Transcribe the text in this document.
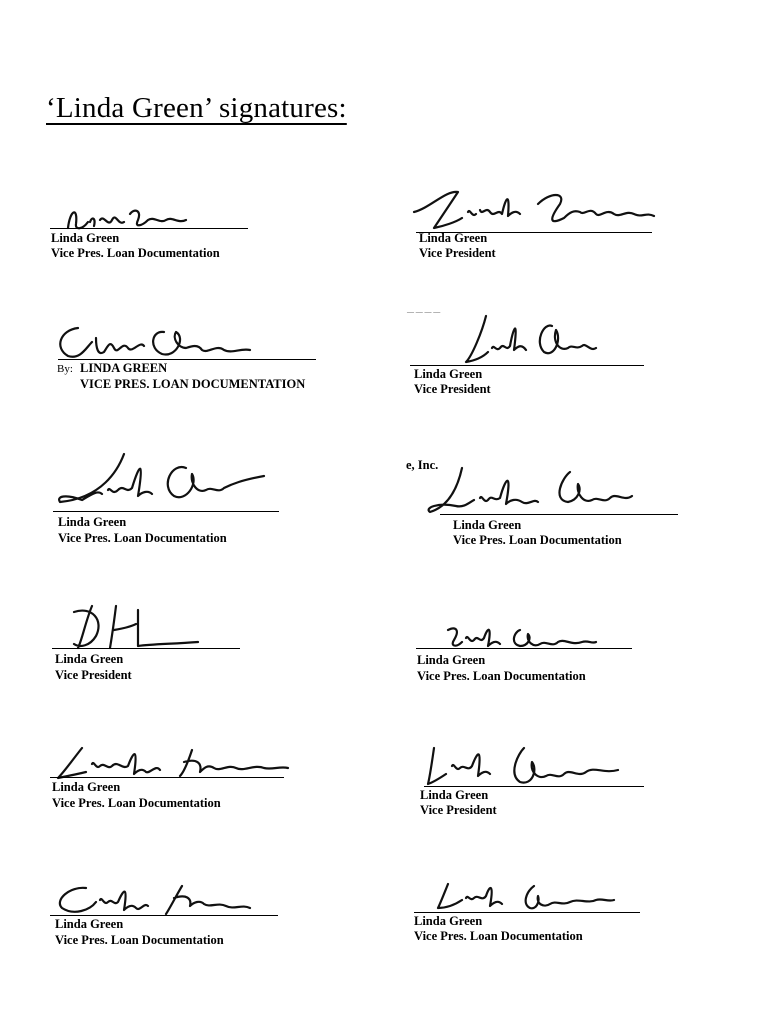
‘Linda Green’ signatures:
Linda Green
Vice Pres. Loan Documentation
Linda Green
Vice President
By: LINDA GREEN
VICE PRES. LOAN DOCUMENTATION
— — — —
Linda Green
Vice President
Linda Green
Vice Pres. Loan Documentation
e, Inc.
Linda Green
Vice Pres. Loan Documentation
Linda Green
Vice President
Linda Green
Vice Pres. Loan Documentation
Linda Green
Vice Pres. Loan Documentation
Linda Green
Vice President
Linda Green
Vice Pres. Loan Documentation
Linda Green
Vice Pres. Loan Documentation
